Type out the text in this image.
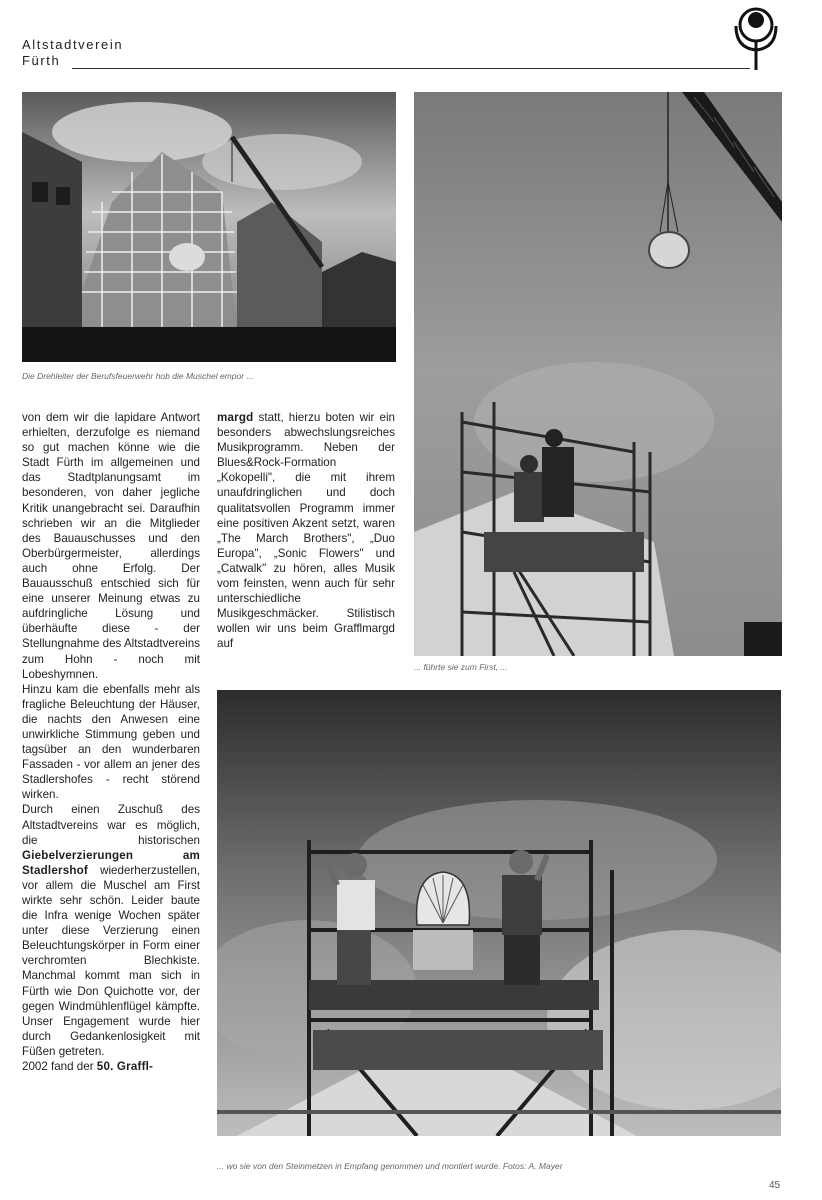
Altstadtverein
Fürth
Die Drehleiter der Berufsfeuerwehr hob die Muschel empor ...
... führte sie zum First, ...
... wo sie von den Steinmetzen in Empfang genommen und montiert wurde. Fotos: A. Mayer

von dem wir die lapidare Antwort erhielten, derzufolge es niemand so gut machen könne wie die Stadt Fürth im allgemeinen und das Stadtplanungsamt im besonderen, von daher jegliche Kritik unangebracht sei. Daraufhin schrieben wir an die Mitglieder des Bauauschusses und den Oberbürgermeister, allerdings auch ohne Erfolg. Der Bauausschuß entschied sich für eine unserer Meinung etwas zu aufdringliche Lösung und überhäufte diese - der Stellungnahme des Altstadtvereins zum Hohn - noch mit Lobeshymnen.

Hinzu kam die ebenfalls mehr als fragliche Beleuchtung der Häuser, die nachts den Anwesen eine unwirkliche Stimmung geben und tagsüber an den wunderbaren Fassaden - vor allem an jener des Stadlershofes - recht störend wirken.

Durch einen Zuschuß des Altstadtvereins war es möglich, die historischen Giebelverzierungen am Stadlershof wiederherzustellen, vor allem die Muschel am First wirkte sehr schön. Leider baute die Infra wenige Wochen später unter diese Verzierung einen Beleuchtungskörper in Form einer verchromten Blechkiste. Manchmal kommt man sich in Fürth wie Don Quichotte vor, der gegen Windmühlenflügel kämpfte. Unser Engagement wurde hier durch Gedankenlosigkeit mit Füßen getreten.

2002 fand der 50. Graffl-

margd statt, hierzu boten wir ein besonders abwechslungsreiches Musikprogramm. Neben der Blues&Rock-Formation „Kokopelli", die mit ihrem unaufdringlichen und doch qualitatsvollen Programm immer eine positiven Akzent setzt, waren „The March Brothers", „Duo Europa", „Sonic Flowers" und „Catwalk" zu hören, alles Musik vom feinsten, wenn auch für sehr unterschiedliche Musikgeschmäcker. Stilistisch wollen wir uns beim Grafflmargd auf

45
